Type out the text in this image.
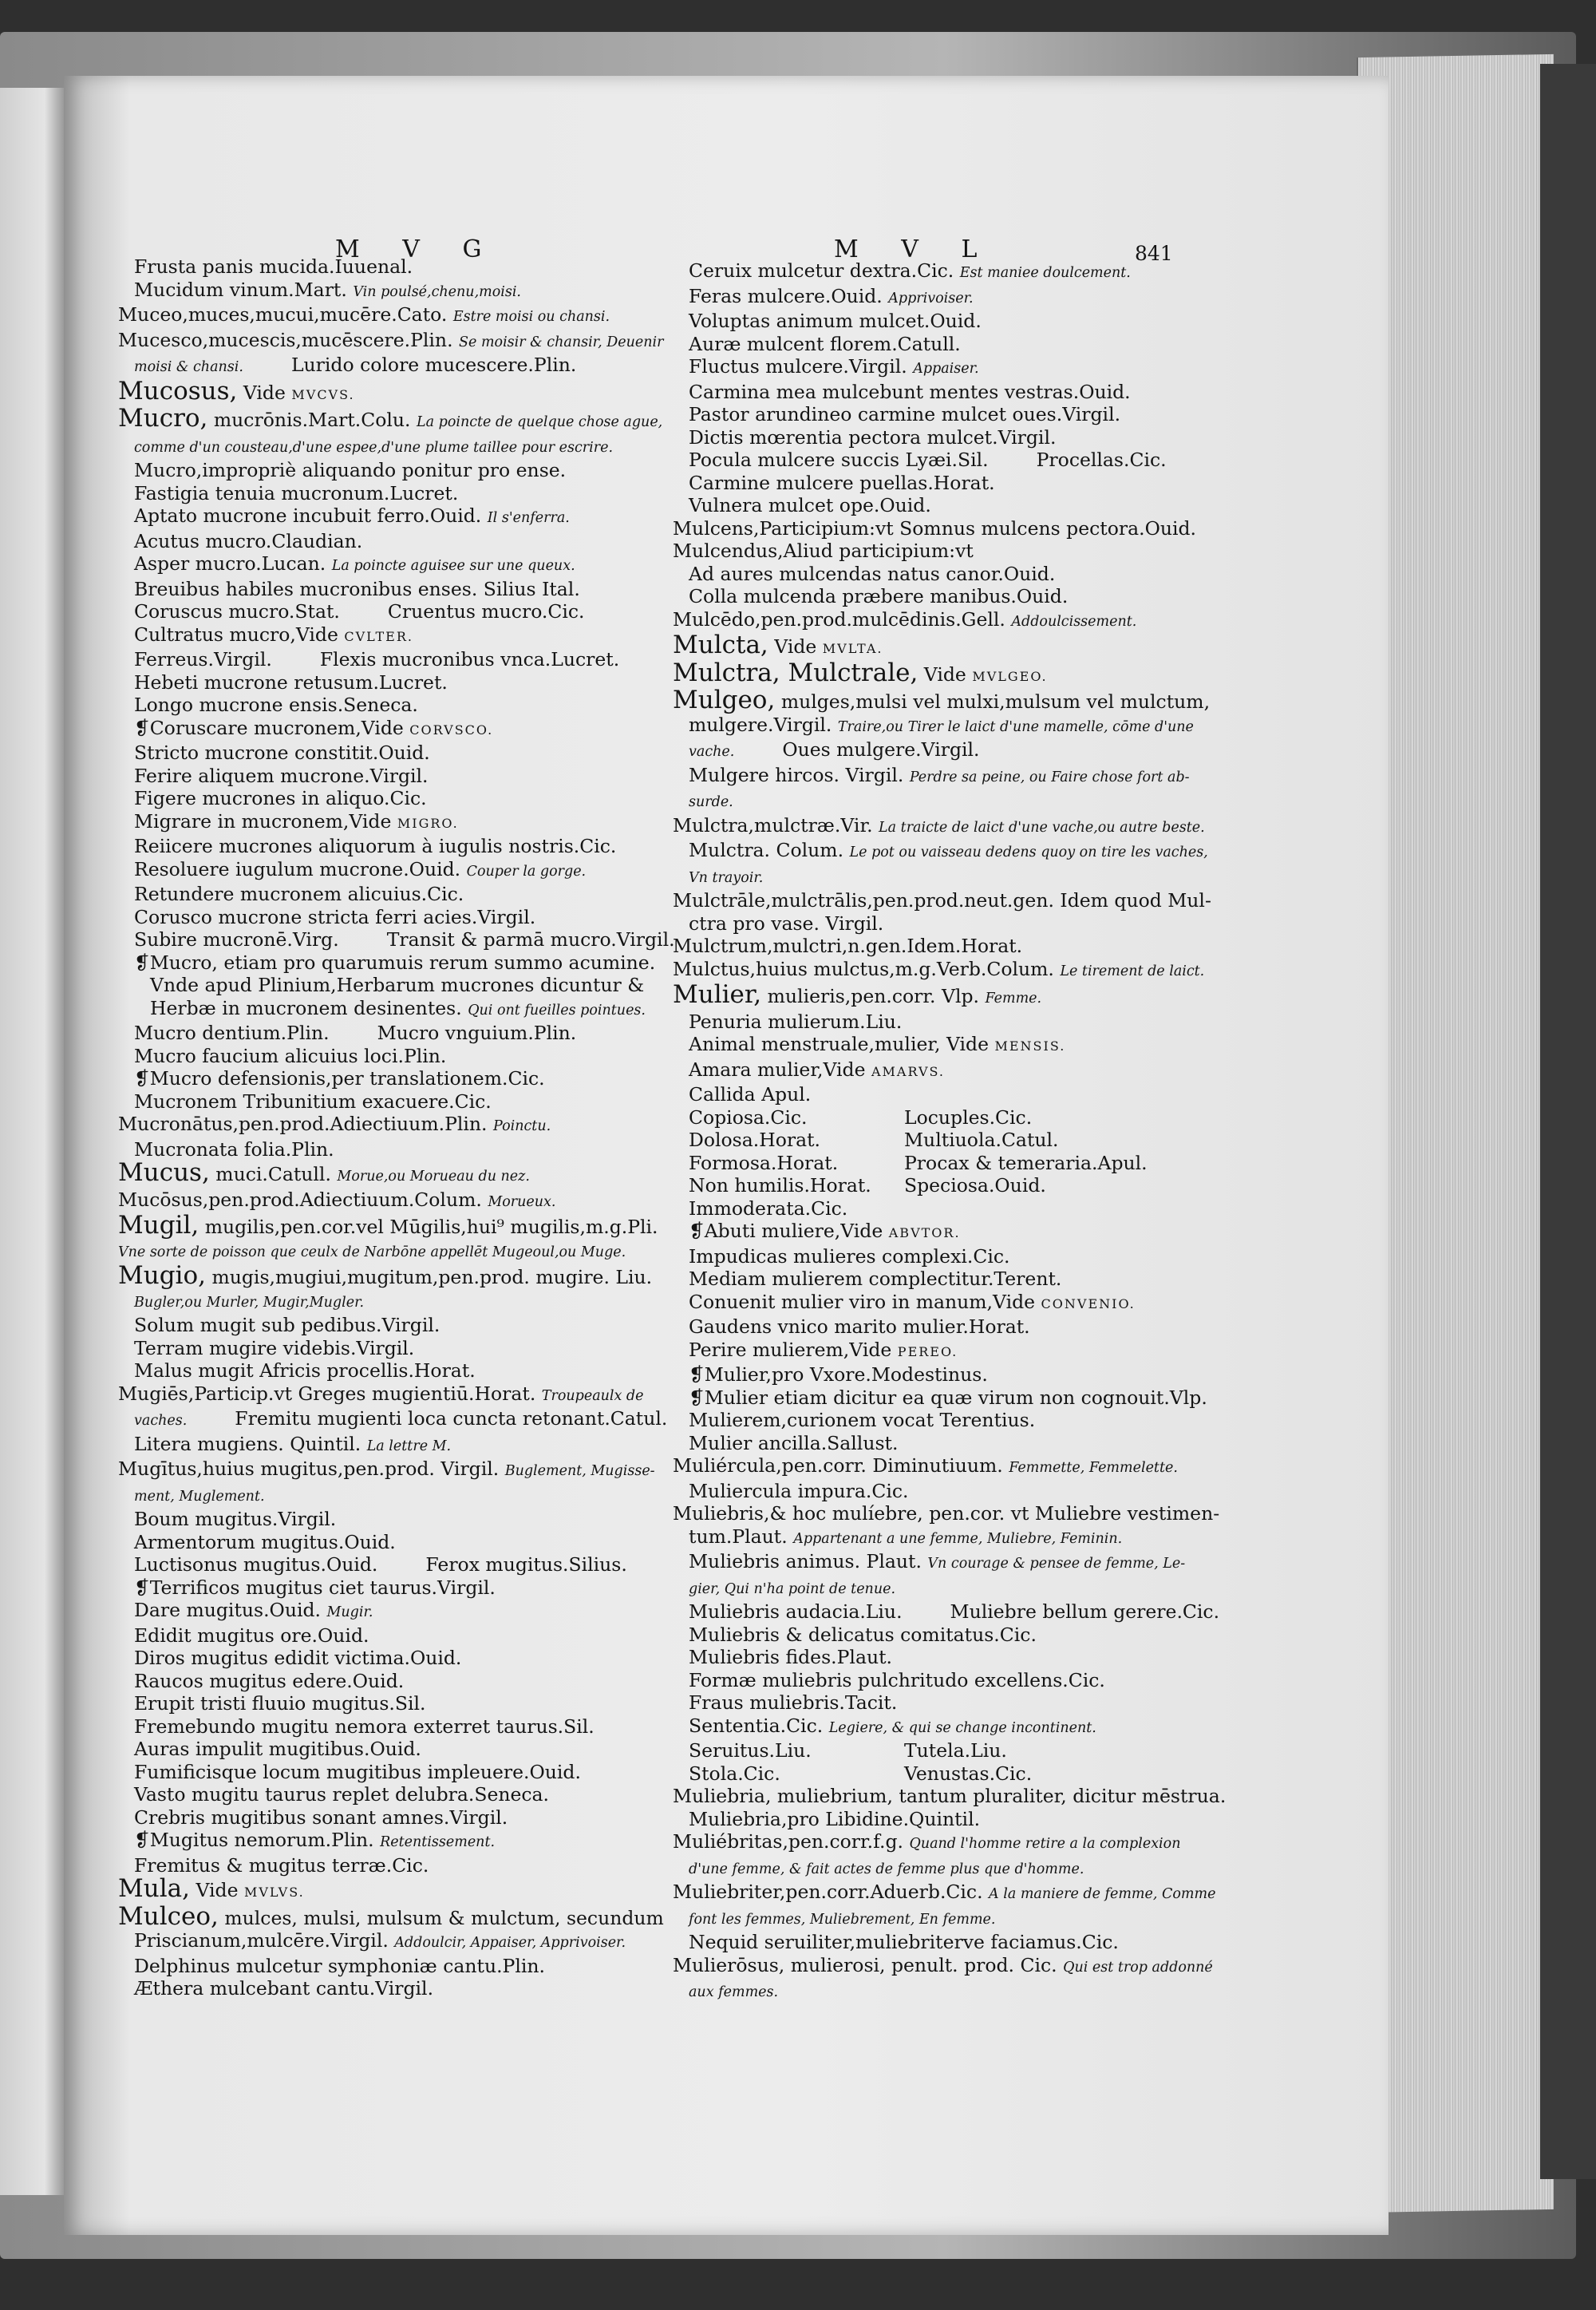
M V G	M V L	841
Frusta panis mucida.Iuuenal.
Mucidum vinum.Mart. Vin poulsé,chenu,moisi.
Muceo,muces,mucui,mucēre.Cato. Estre moisi ou chansi.
Mucesco,mucescis,mucēscere.Plin. Se moisir & chansir, Deuenir
moisi & chansi.	Lurido colore mucescere.Plin.
Mucosus, Vide MVCVS.
Mucro, mucrōnis.Mart.Colu. La poincte de quelque chose ague,
comme d'un cousteau,d'une espee,d'une plume taillee pour escrire.
Mucro,impropriè aliquando ponitur pro ense.
Fastigia tenuia mucronum.Lucret.
Aptato mucrone incubuit ferro.Ouid. Il s'enferra.
Acutus mucro.Claudian.
Asper mucro.Lucan. La poincte aguisee sur une queux.
Breuibus habiles mucronibus enses. Silius Ital.
Coruscus mucro.Stat.	Cruentus mucro.Cic.
Cultratus mucro,Vide CVLTER.
Ferreus.Virgil.	Flexis mucronibus vnca.Lucret.
Hebeti mucrone retusum.Lucret.
Longo mucrone ensis.Seneca.
❡Coruscare mucronem,Vide CORVSCO.
Stricto mucrone constitit.Ouid.
Ferire aliquem mucrone.Virgil.
Figere mucrones in aliquo.Cic.
Migrare in mucronem,Vide MIGRO.
Reiicere mucrones aliquorum à iugulis nostris.Cic.
Resoluere iugulum mucrone.Ouid. Couper la gorge.
Retundere mucronem alicuius.Cic.
Corusco mucrone stricta ferri acies.Virgil.
Subire mucronē.Virg.	Transit & parmā mucro.Virgil.
❡Mucro, etiam pro quarumuis rerum summo acumine.
Vnde apud Plinium,Herbarum mucrones dicuntur &
Herbæ in mucronem desinentes. Qui ont fueilles pointues.
Mucro dentium.Plin.	Mucro vnguium.Plin.
Mucro faucium alicuius loci.Plin.
❡Mucro defensionis,per translationem.Cic.
Mucronem Tribunitium exacuere.Cic.
Mucronātus,pen.prod.Adiectiuum.Plin. Poinctu.
Mucronata folia.Plin.
Mucus, muci.Catull. Morue,ou Morueau du nez.
Mucōsus,pen.prod.Adiectiuum.Colum. Morueux.
Mugil, mugilis,pen.cor.vel Mūgilis,hui⁹ mugilis,m.g.Pli.
Vne sorte de poisson que ceulx de Narbōne appellēt Mugeoul,ou Muge.
Mugio, mugis,mugiui,mugitum,pen.prod. mugire. Liu.
Bugler,ou Murler, Mugir,Mugler.
Solum mugit sub pedibus.Virgil.
Terram mugire videbis.Virgil.
Malus mugit Africis procellis.Horat.
Mugiēs,Particip.vt Greges mugientiū.Horat. Troupeaulx de
vaches.	Fremitu mugienti loca cuncta retonant.Catul.
Litera mugiens. Quintil. La lettre M.
Mugītus,huius mugitus,pen.prod. Virgil. Buglement, Mugisse-
ment, Muglement.
Boum mugitus.Virgil.
Armentorum mugitus.Ouid.
Luctisonus mugitus.Ouid.	Ferox mugitus.Silius.
❡Terrificos mugitus ciet taurus.Virgil.
Dare mugitus.Ouid. Mugir.
Edidit mugitus ore.Ouid.
Diros mugitus edidit victima.Ouid.
Raucos mugitus edere.Ouid.
Erupit tristi fluuio mugitus.Sil.
Fremebundo mugitu nemora exterret taurus.Sil.
Auras impulit mugitibus.Ouid.
Fumificisque locum mugitibus impleuere.Ouid.
Vasto mugitu taurus replet delubra.Seneca.
Crebris mugitibus sonant amnes.Virgil.
❡Mugitus nemorum.Plin. Retentissement.
Fremitus & mugitus terræ.Cic.
Mula, Vide MVLVS.
Mulceo, mulces, mulsi, mulsum & mulctum, secundum
Priscianum,mulcēre.Virgil. Addoulcir, Appaiser, Apprivoiser.
Delphinus mulcetur symphoniæ cantu.Plin.
Æthera mulcebant cantu.Virgil.
Ceruix mulcetur dextra.Cic. Est maniee doulcement.
Feras mulcere.Ouid. Apprivoiser.
Voluptas animum mulcet.Ouid.
Auræ mulcent florem.Catull.
Fluctus mulcere.Virgil. Appaiser.
Carmina mea mulcebunt mentes vestras.Ouid.
Pastor arundineo carmine mulcet oues.Virgil.
Dictis mœrentia pectora mulcet.Virgil.
Pocula mulcere succis Lyæi.Sil.	Procellas.Cic.
Carmine mulcere puellas.Horat.
Vulnera mulcet ope.Ouid.
Mulcens,Participium:vt Somnus mulcens pectora.Ouid.
Mulcendus,Aliud participium:vt
Ad aures mulcendas natus canor.Ouid.
Colla mulcenda præbere manibus.Ouid.
Mulcēdo,pen.prod.mulcēdinis.Gell. Addoulcissement.
Mulcta, Vide MVLTA.
Mulctra, Mulctrale, Vide MVLGEO.
Mulgeo, mulges,mulsi vel mulxi,mulsum vel mulctum,
mulgere.Virgil. Traire,ou Tirer le laict d'une mamelle, cōme d'une
vache.	Oues mulgere.Virgil.
Mulgere hircos. Virgil. Perdre sa peine, ou Faire chose fort ab-
surde.
Mulctra,mulctræ.Vir. La traicte de laict d'une vache,ou autre beste.
Mulctra. Colum. Le pot ou vaisseau dedens quoy on tire les vaches,
Vn trayoir.
Mulctrāle,mulctrālis,pen.prod.neut.gen. Idem quod Mul-
ctra pro vase. Virgil.
Mulctrum,mulctri,n.gen.Idem.Horat.
Mulctus,huius mulctus,m.g.Verb.Colum. Le tirement de laict.
Mulier, mulieris,pen.corr. Vlp. Femme.
Penuria mulierum.Liu.
Animal menstruale,mulier, Vide MENSIS.
Amara mulier,Vide AMARVS.
Callida Apul.
Copiosa.Cic.	Locuples.Cic.
Dolosa.Horat.	Multiuola.Catul.
Formosa.Horat.	Procax & temeraria.Apul.
Non humilis.Horat. Speciosa.Ouid.
Immoderata.Cic.
❡Abuti muliere,Vide ABVTOR.
Impudicas mulieres complexi.Cic.
Mediam mulierem complectitur.Terent.
Conuenit mulier viro in manum,Vide CONVENIO.
Gaudens vnico marito mulier.Horat.
Perire mulierem,Vide PEREO.
❡Mulier,pro Vxore.Modestinus.
❡Mulier etiam dicitur ea quæ virum non cognouit.Vlp.
Mulierem,curionem vocat Terentius.
Mulier ancilla.Sallust.
Muliércula,pen.corr. Diminutiuum. Femmette, Femmelette.
Muliercula impura.Cic.
Muliebris,& hoc mulíebre, pen.cor. vt Muliebre vestimen-
tum.Plaut. Appartenant a une femme, Muliebre, Feminin.
Muliebris animus. Plaut. Vn courage & pensee de femme, Le-
gier, Qui n'ha point de tenue.
Muliebris audacia.Liu.	Muliebre bellum gerere.Cic.
Muliebris & delicatus comitatus.Cic.
Muliebris fides.Plaut.
Formæ muliebris pulchritudo excellens.Cic.
Fraus muliebris.Tacit.
Sententia.Cic. Legiere, & qui se change incontinent.
Seruitus.Liu.	Tutela.Liu.
Stola.Cic.	Venustas.Cic.
Muliebria, muliebrium, tantum pluraliter, dicitur mēstrua.
Muliebria,pro Libidine.Quintil.
Muliébritas,pen.corr.f.g. Quand l'homme retire a la complexion
d'une femme, & fait actes de femme plus que d'homme.
Muliebriter,pen.corr.Aduerb.Cic. A la maniere de femme, Comme
font les femmes, Muliebrement, En femme.
Nequid seruiliter,muliebriterve faciamus.Cic.
Mulierōsus, mulierosi, penult. prod. Cic. Qui est trop addonné
aux femmes.
